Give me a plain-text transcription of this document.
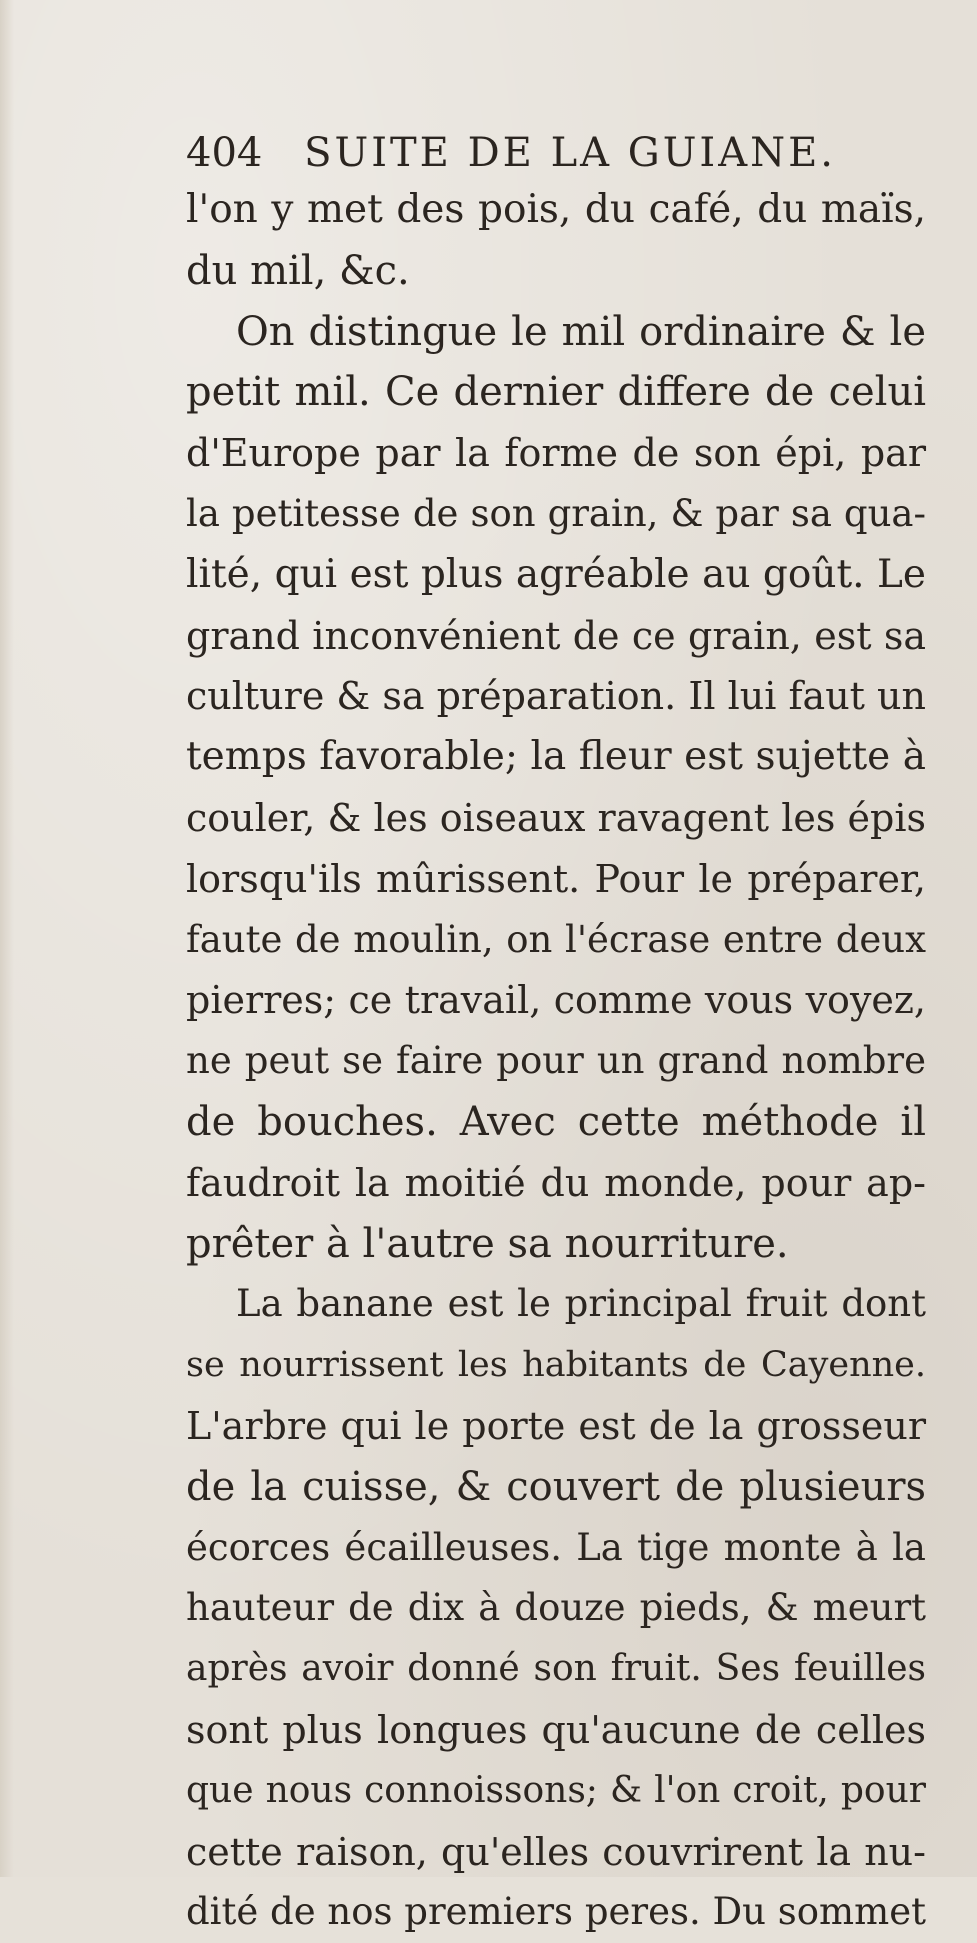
404 SUITE DE LA GUIANE.
l'on y met des pois, du café, du maïs,
du mil, &c.
On distingue le mil ordinaire & le
petit mil. Ce dernier differe de celui
d'Europe par la forme de son épi, par
la petitesse de son grain, & par sa qua-
lité, qui est plus agréable au goût. Le
grand inconvénient de ce grain, est sa
culture & sa préparation. Il lui faut un
temps favorable; la fleur est sujette à
couler, & les oiseaux ravagent les épis
lorsqu'ils mûrissent. Pour le préparer,
faute de moulin, on l'écrase entre deux
pierres; ce travail, comme vous voyez,
ne peut se faire pour un grand nombre
de bouches. Avec cette méthode il
faudroit la moitié du monde, pour ap-
prêter à l'autre sa nourriture.
La banane est le principal fruit dont
se nourrissent les habitants de Cayenne.
L'arbre qui le porte est de la grosseur
de la cuisse, & couvert de plusieurs
écorces écailleuses. La tige monte à la
hauteur de dix à douze pieds, & meurt
après avoir donné son fruit. Ses feuilles
sont plus longues qu'aucune de celles
que nous connoissons; & l'on croit, pour
cette raison, qu'elles couvrirent la nu-
dité de nos premiers peres. Du sommet
